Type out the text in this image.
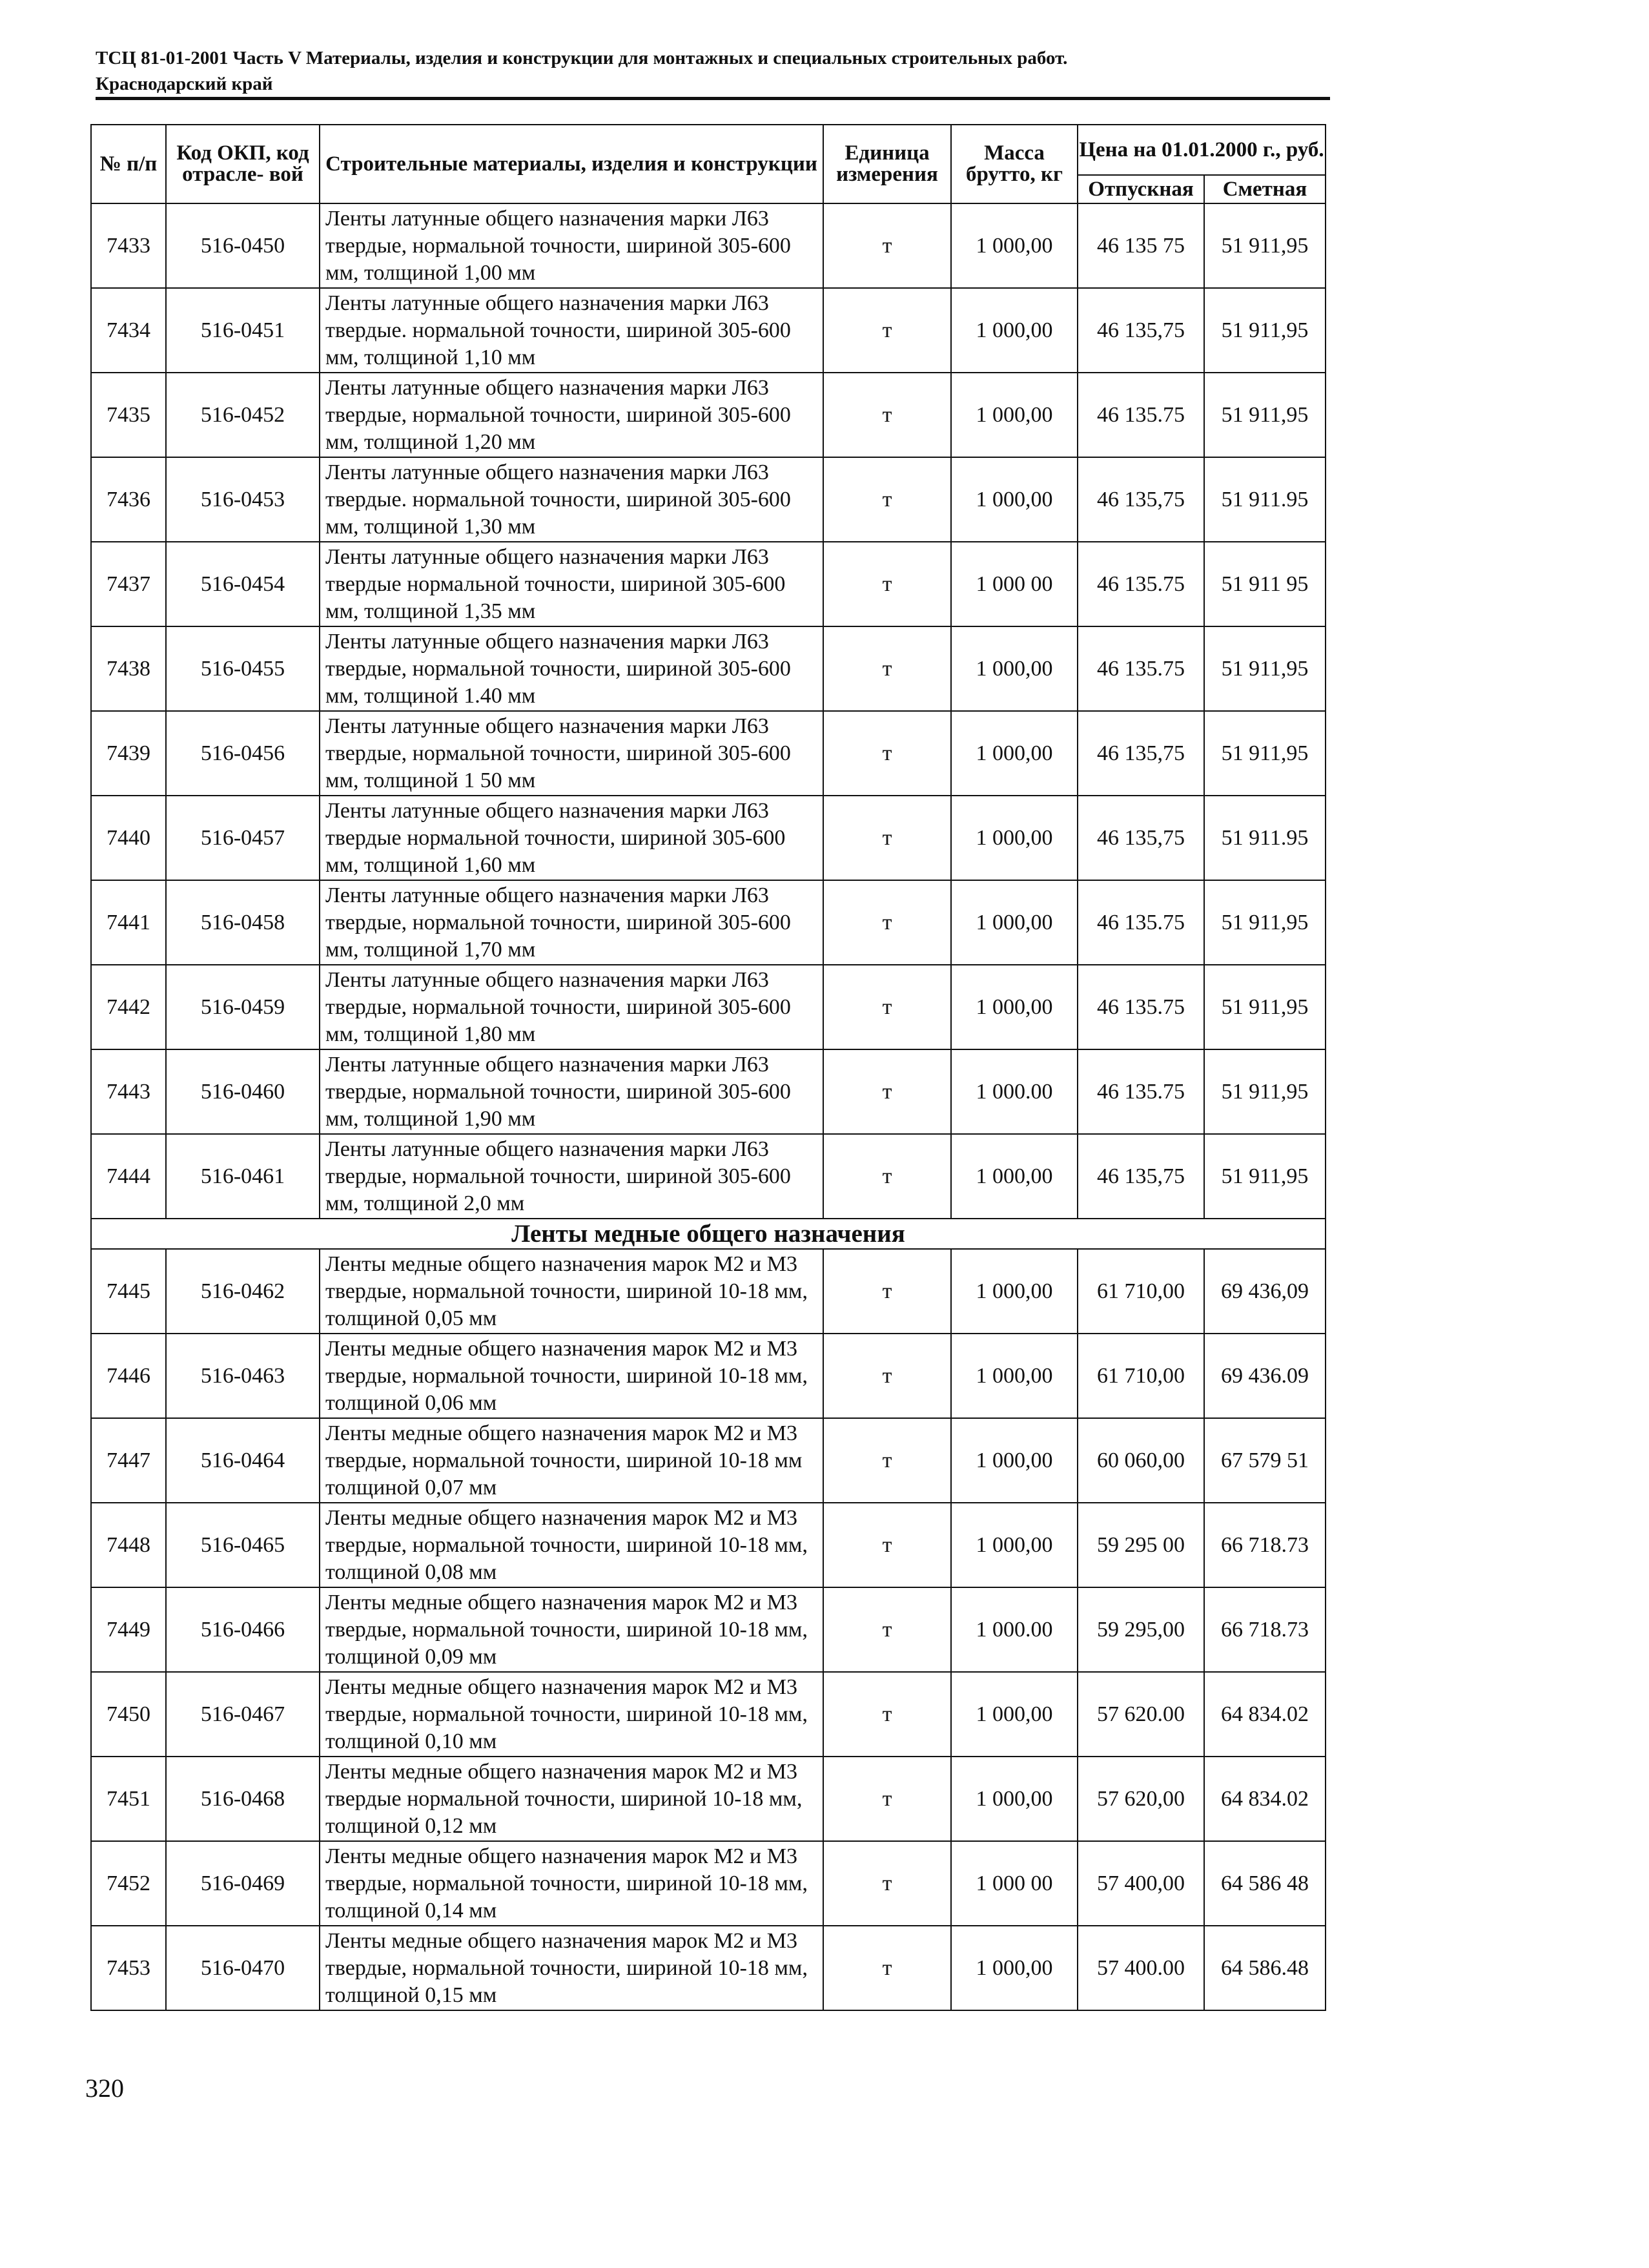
ТСЦ 81-01-2001 Часть V Материалы, изделия и конструкции для монтажных и специальных строительных работ.
Краснодарский край
№ п/п	Код ОКП, код отрасле- вой	Строительные материалы, изделия и конструкции	Единица измерения	Масса брутто, кг	Цена на 01.01.2000 г., руб.	
					Отпускная	Сметная
7433	516-0450	Ленты латунные общего назначения марки Л63 твердые, нормальной точности, шириной 305-600 мм, толщиной 1,00 мм	т	1 000,00	46 135 75	51 911,95
7434	516-0451	Ленты латунные общего назначения марки Л63 твердые. нормальной точности, шириной 305-600 мм, толщиной 1,10 мм	т	1 000,00	46 135,75	51 911,95
7435	516-0452	Ленты латунные общего назначения марки Л63 твердые, нормальной точности, шириной 305-600 мм, толщиной 1,20 мм	т	1 000,00	46 135.75	51 911,95
7436	516-0453	Ленты латунные общего назначения марки Л63 твердые. нормальной точности, шириной 305-600 мм, толщиной 1,30 мм	т	1 000,00	46 135,75	51 911.95
7437	516-0454	Ленты латунные общего назначения марки Л63 твердые нормальной точности, шириной 305-600 мм, толщиной 1,35 мм	т	1 000 00	46 135.75	51 911 95
7438	516-0455	Ленты латунные общего назначения марки Л63 твердые, нормальной точности, шириной 305-600 мм, толщиной 1.40 мм	т	1 000,00	46 135.75	51 911,95
7439	516-0456	Ленты латунные общего назначения марки Л63 твердые, нормальной точности, шириной 305-600 мм, толщиной 1 50 мм	т	1 000,00	46 135,75	51 911,95
7440	516-0457	Ленты латунные общего назначения марки Л63 твердые нормальной точности, шириной 305-600 мм, толщиной 1,60 мм	т	1 000,00	46 135,75	51 911.95
7441	516-0458	Ленты латунные общего назначения марки Л63 твердые, нормальной точности, шириной 305-600 мм, толщиной 1,70 мм	т	1 000,00	46 135.75	51 911,95
7442	516-0459	Ленты латунные общего назначения марки Л63 твердые, нормальной точности, шириной 305-600 мм, толщиной 1,80 мм	т	1 000,00	46 135.75	51 911,95
7443	516-0460	Ленты латунные общего назначения марки Л63 твердые, нормальной точности, шириной 305-600 мм, толщиной 1,90 мм	т	1 000.00	46 135.75	51 911,95
7444	516-0461	Ленты латунные общего назначения марки Л63 твердые, нормальной точности, шириной 305-600 мм, толщиной 2,0 мм	т	1 000,00	46 135,75	51 911,95
Ленты медные общего назначения						
7445	516-0462	Ленты медные общего назначения марок М2 и М3 твердые, нормальной точности, шириной 10-18 мм, толщиной 0,05 мм	т	1 000,00	61 710,00	69 436,09
7446	516-0463	Ленты медные общего назначения марок М2 и М3 твердые, нормальной точности, шириной 10-18 мм, толщиной 0,06 мм	т	1 000,00	61 710,00	69 436.09
7447	516-0464	Ленты медные общего назначения марок М2 и М3 твердые, нормальной точности, шириной 10-18 мм толщиной 0,07 мм	т	1 000,00	60 060,00	67 579 51
7448	516-0465	Ленты медные общего назначения марок М2 и М3 твердые, нормальной точности, шириной 10-18 мм, толщиной 0,08 мм	т	1 000,00	59 295 00	66 718.73
7449	516-0466	Ленты медные общего назначения марок М2 и М3 твердые, нормальной точности, шириной 10-18 мм, толщиной 0,09 мм	т	1 000.00	59 295,00	66 718.73
7450	516-0467	Ленты медные общего назначения марок М2 и М3 твердые, нормальной точности, шириной 10-18 мм, толщиной 0,10 мм	т	1 000,00	57 620.00	64 834.02
7451	516-0468	Ленты медные общего назначения марок М2 и М3 твердые нормальной точности, шириной 10-18 мм, толщиной 0,12 мм	т	1 000,00	57 620,00	64 834.02
7452	516-0469	Ленты медные общего назначения марок М2 и М3 твердые, нормальной точности, шириной 10-18 мм, толщиной 0,14 мм	т	1 000 00	57 400,00	64 586 48
7453	516-0470	Ленты медные общего назначения марок М2 и М3 твердые, нормальной точности, шириной 10-18 мм, толщиной 0,15 мм	т	1 000,00	57 400.00	64 586.48
320
